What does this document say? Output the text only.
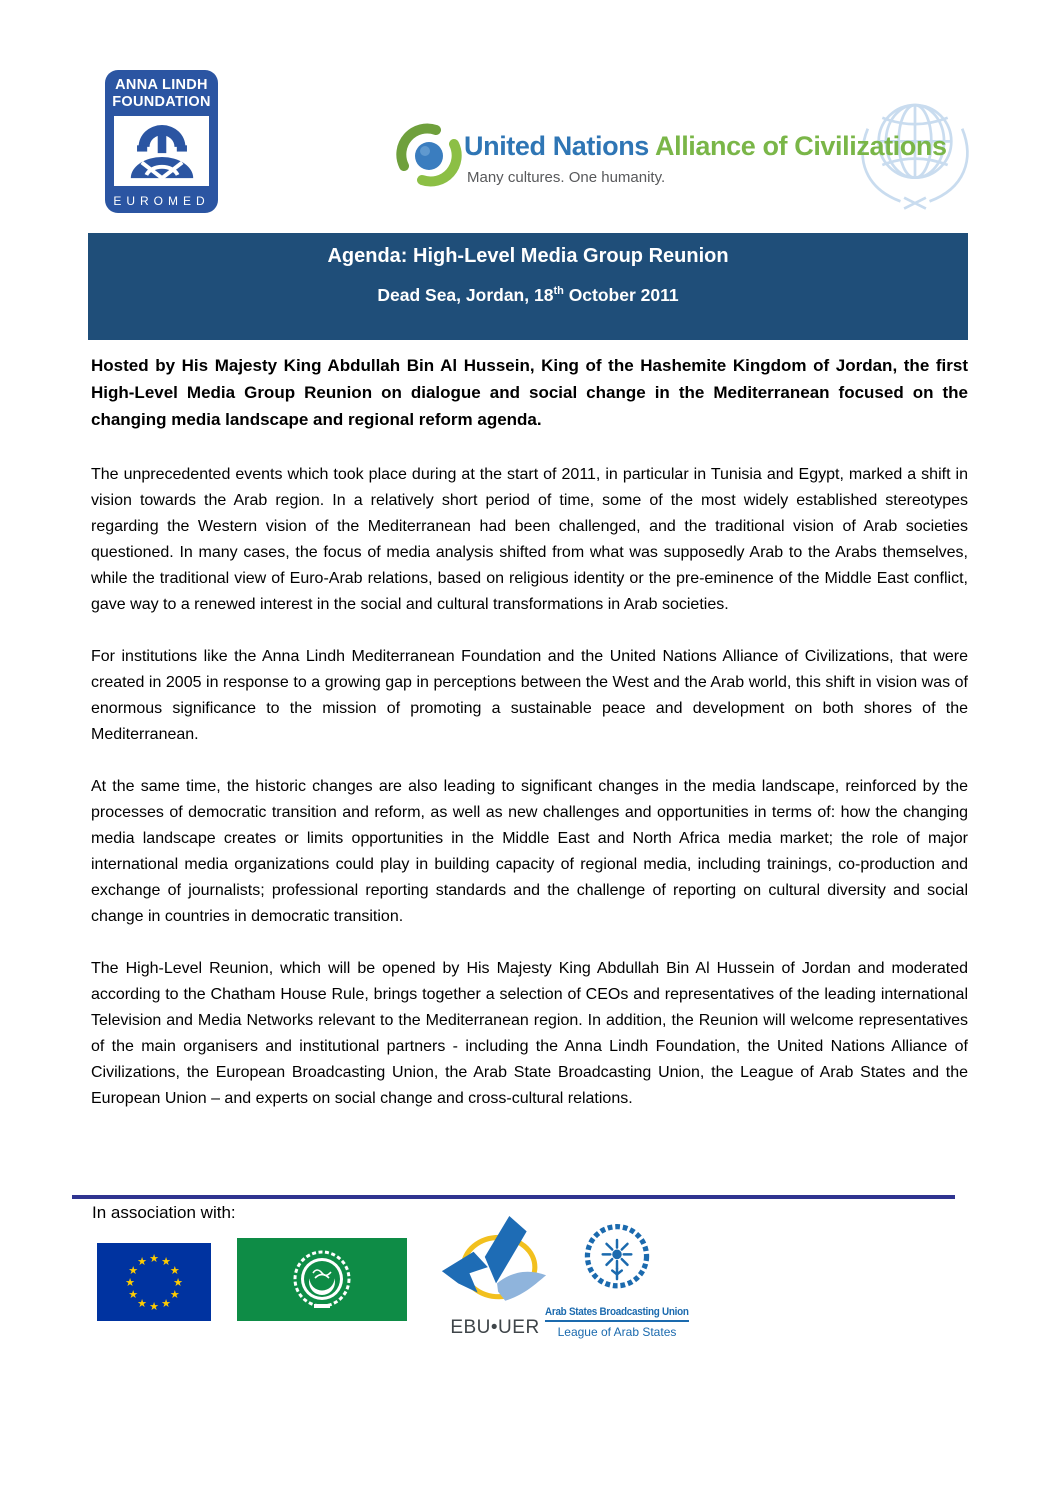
ANNA LINDH
FOUNDATION
EUROMED
United Nations Alliance of Civilizations
Many cultures. One humanity.
Agenda: High-Level Media Group Reunion
Dead Sea, Jordan, 18th October 2011

Hosted by His Majesty King Abdullah Bin Al Hussein, King of the Hashemite Kingdom of Jordan, the first High-Level Media Group Reunion on dialogue and social change in the Mediterranean focused on the changing media landscape and regional reform agenda.

The unprecedented events which took place during at the start of 2011, in particular in Tunisia and Egypt, marked a shift in vision towards the Arab region. In a relatively short period of time, some of the most widely established stereotypes regarding the Western vision of the Mediterranean had been challenged, and the traditional vision of Arab societies questioned. In many cases, the focus of media analysis shifted from what was supposedly Arab to the Arabs themselves, while the traditional view of Euro-Arab relations, based on religious identity or the pre-eminence of the Middle East conflict, gave way to a renewed interest in the social and cultural transformations in Arab societies.

For institutions like the Anna Lindh Mediterranean Foundation and the United Nations Alliance of Civilizations, that were created in 2005 in response to a growing gap in perceptions between the West and the Arab world, this shift in vision was of enormous significance to the mission of promoting a sustainable peace and development on both shores of the Mediterranean.

At the same time, the historic changes are also leading to significant changes in the media landscape, reinforced by the processes of democratic transition and reform, as well as new challenges and opportunities in terms of: how the changing media landscape creates or limits opportunities in the Middle East and North Africa media market; the role of major international media organizations could play in building capacity of regional media, including trainings, co-production and exchange of journalists; professional reporting standards and the challenge of reporting on cultural diversity and social change in countries in democratic transition.

The High-Level Reunion, which will be opened by His Majesty King Abdullah Bin Al Hussein of Jordan and moderated according to the Chatham House Rule, brings together a selection of CEOs and representatives of the leading international Television and Media Networks relevant to the Mediterranean region. In addition, the Reunion will welcome representatives of the main organisers and institutional partners - including the Anna Lindh Foundation, the United Nations Alliance of Civilizations, the European Broadcasting Union, the Arab State Broadcasting Union, the League of Arab States and the European Union – and experts on social change and cross-cultural relations.

In association with:
★ ★
★
★
★
★
★
★
★
★
★
★
EBU•UER
Arab States Broadcasting Union
League of Arab States
